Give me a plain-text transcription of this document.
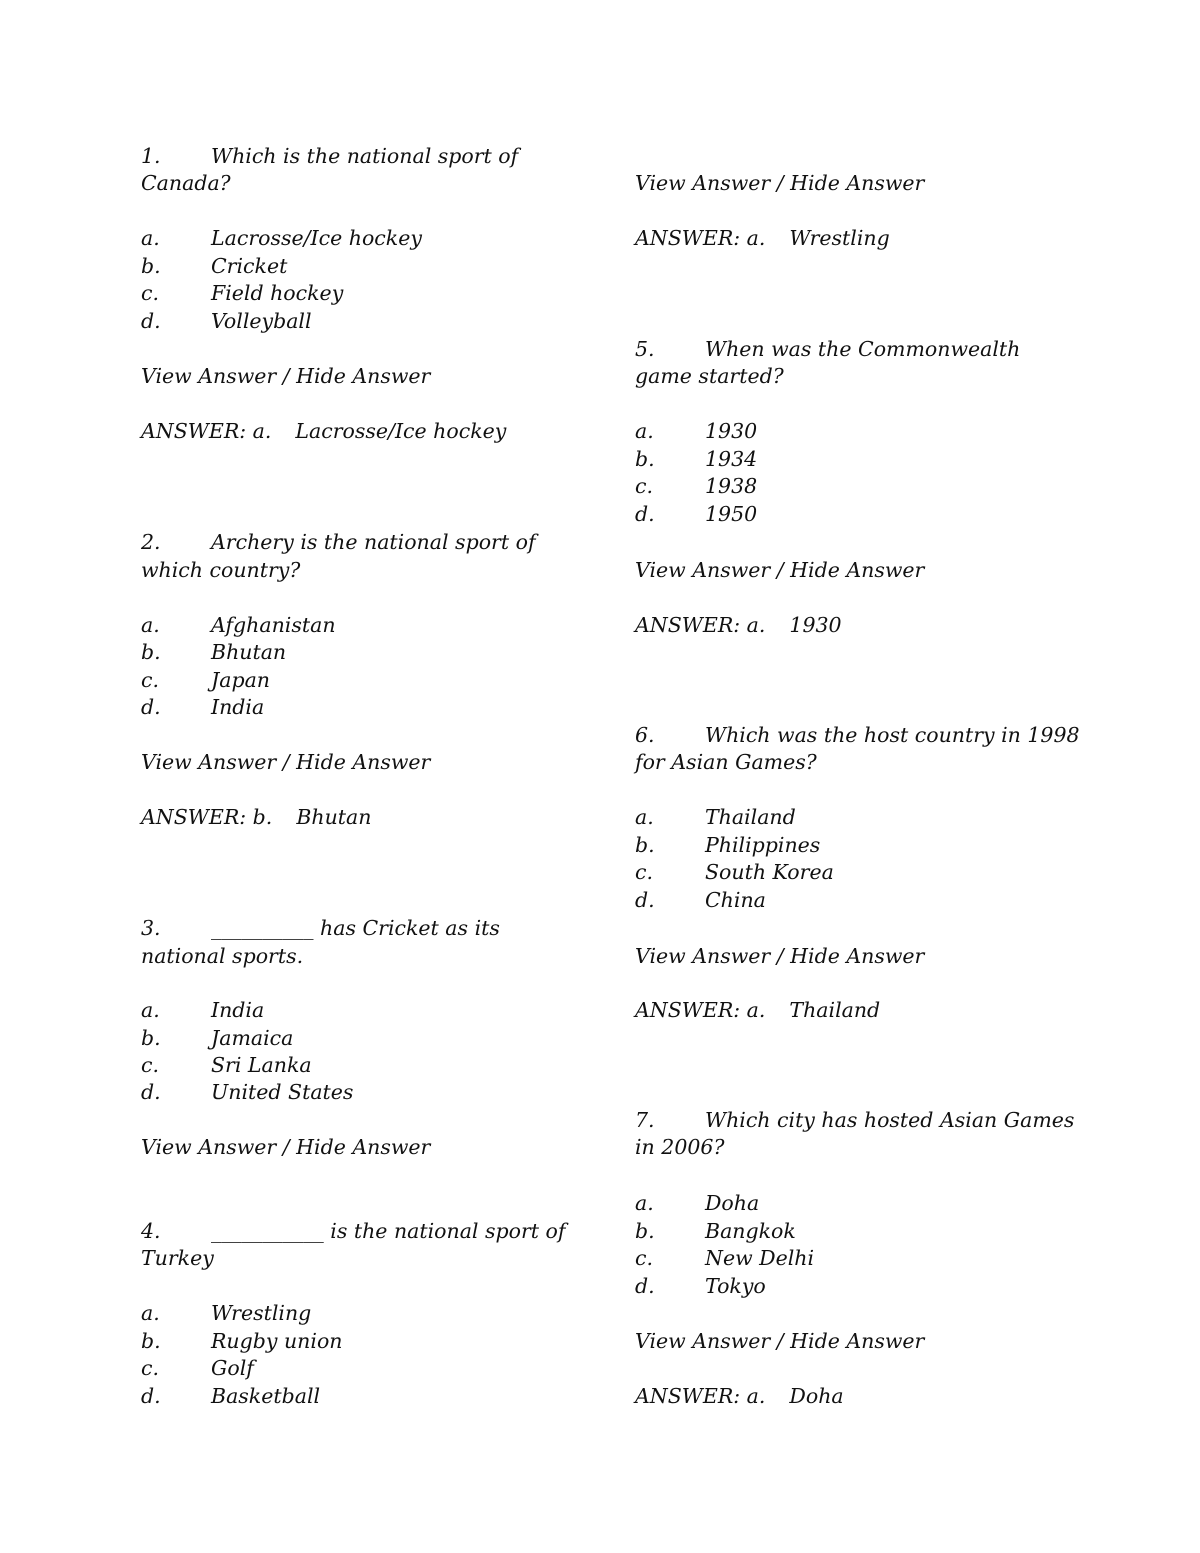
1. Which is the national sport of
Canada?
a.	Lacrosse/Ice hockey
b. Cricket
c.	Field hockey
d. Volleyball
View Answer / Hide Answer
ANSWER: a. Lacrosse/Ice hockey
2. Archery is the national sport of
which country?
a.	Afghanistan
b. Bhutan
c.	Japan
d. India
View Answer / Hide Answer
ANSWER: b. Bhutan
3. __________ has Cricket as its
national sports.
a.	India
b. Jamaica
c.	Sri Lanka
d. United States
View Answer / Hide Answer
4. ___________ is the national sport of
Turkey
a.	Wrestling
b. Rugby union
c.	Golf
d. Basketball
View Answer / Hide Answer
ANSWER: a. Wrestling
5. When was the Commonwealth
game started?
a.	1930
b. 1934
c.	1938
d. 1950
View Answer / Hide Answer
ANSWER: a. 1930
6. Which was the host country in 1998
for Asian Games?
a.	Thailand
b. Philippines
c.	South Korea
d. China
View Answer / Hide Answer
ANSWER: a. Thailand
7. Which city has hosted Asian Games
in 2006?
a.	Doha
b. Bangkok
c.	New Delhi
d. Tokyo
View Answer / Hide Answer
ANSWER: a. Doha
